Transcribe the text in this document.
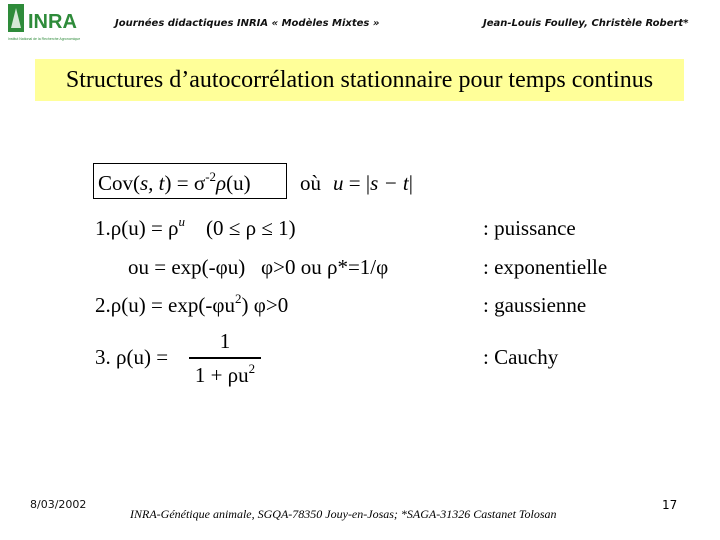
INRA
Institut National de la Recherche Agronomique
Journées didactiques INRIA « Modèles Mixtes »	Jean-Louis Foulley, Christèle Robert*
Structures d’autocorrélation stationnaire pour temps continus
Cov(s, $t) = \sigma^{-2}\rho(u)$ où u = |s − t|
$1.\rho(u) = \rho^u$ (0 ≤ ρ ≤ 1)	: puissance
ou = exp(-φu) φ>0 ou ρ*=1/φ	: exponentielle
$2.\rho(u) = \exp(-\varphi u^2)$ φ>0	: gaussienne
3. ρ(u) =
1
$1 + \rho u^2$	: Cauchy
8/03/2002
INRA-Génétique animale, SGQA-78350 Jouy-en-Josas; *SAGA-31326 Castanet Tolosan
17
